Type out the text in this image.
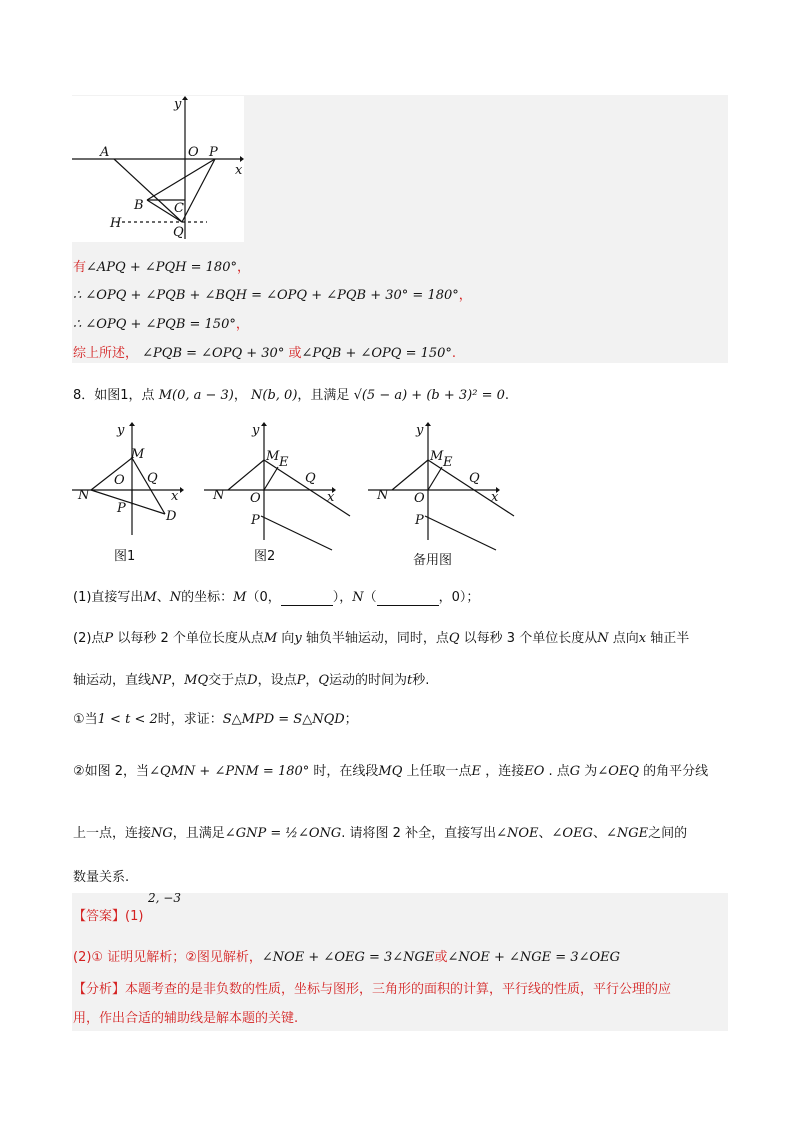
y
A	O P
x
B C
H
Q
有∠APQ + ∠PQH = 180°，
∴ ∠OPQ + ∠PQB + ∠BQH = ∠OPQ + ∠PQB + 30° = 180°，
∴ ∠OPQ + ∠PQB = 150°，
综上所述， ∠PQB = ∠OPQ + 30° 或∠PQB + ∠OPQ = 150°.
8．如图1，点 M(0, a − 3)， N(b, 0)，且满足 √(5 − a) + (b + 3)² = 0.
y
M
Q
N
O
x
P
D
图1
y
M E
Q
N O	x
P
图2
y
M E
Q
N O	x
P
备用图
(1)直接写出M、N的坐标：M（0，	），N（	，0）；
(2)点P 以每秒 2 个单位长度从点M 向y 轴负半轴运动，同时，点Q 以每秒 3 个单位长度从N 点向x 轴正半
轴运动，直线NP，MQ交于点D，设点P，Q运动的时间为t秒.
①当1 < t < 2时，求证：S△MPD = S△NQD；
②如图 2，当∠QMN + ∠PNM = 180° 时，在线段MQ 上任取一点E ，连接EO . 点G 为∠OEQ 的角平分线
上一点，连接NG，且满足∠GNP = ½∠ONG. 请将图 2 补全，直接写出∠NOE、∠OEG、∠NGE之间的
数量关系.
【答案】(1)
2, −3
(2)① 证明见解析；②图见解析，∠NOE + ∠OEG = 3∠NGE或∠NOE + ∠NGE = 3∠OEG
【分析】本题考查的是非负数的性质，坐标与图形，三角形的面积的计算，平行线的性质，平行公理的应
用，作出合适的辅助线是解本题的关键.
